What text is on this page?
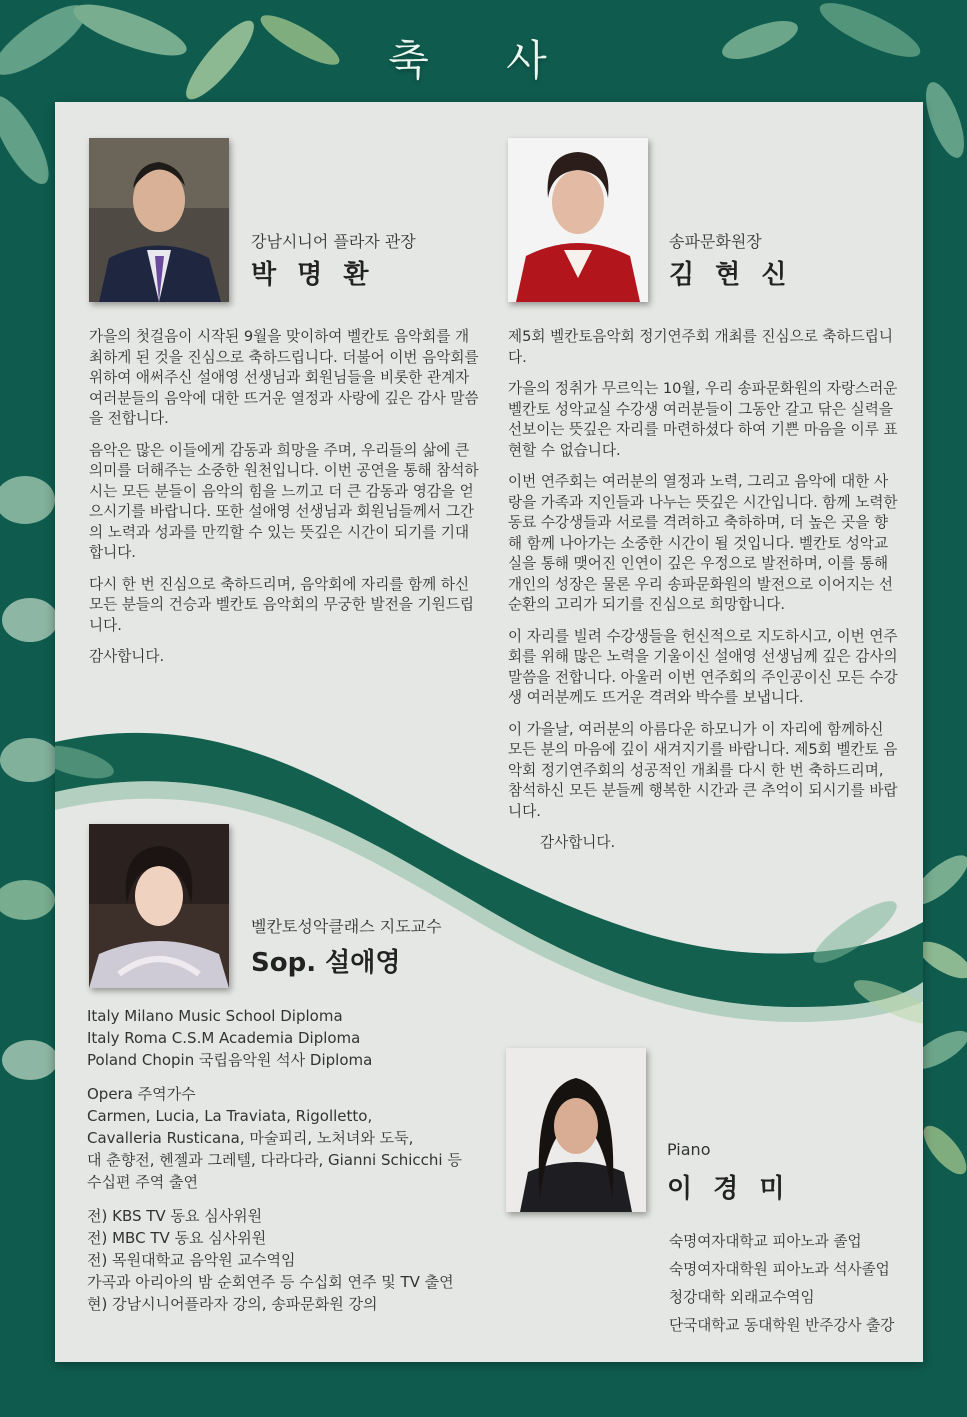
축 사
강남시니어 플라자 관장
박 명 환

가을의 첫걸음이 시작된 9월을 맞이하여 벨칸토 음악회를 개최하게 된 것을 진심으로 축하드립니다. 더불어 이번 음악회를 위하여 애써주신 설애영 선생님과 회원님들을 비롯한 관계자 여러분들의 음악에 대한 뜨거운 열정과 사랑에 깊은 감사 말씀을 전합니다.

음악은 많은 이들에게 감동과 희망을 주며, 우리들의 삶에 큰 의미를 더해주는 소중한 원천입니다. 이번 공연을 통해 참석하시는 모든 분들이 음악의 힘을 느끼고 더 큰 감동과 영감을 얻으시기를 바랍니다. 또한 설애영 선생님과 회원님들께서 그간의 노력과 성과를 만끽할 수 있는 뜻깊은 시간이 되기를 기대합니다.

다시 한 번 진심으로 축하드리며, 음악회에 자리를 함께 하신 모든 분들의 건승과 벨칸토 음악회의 무궁한 발전을 기원드립니다.

감사합니다.

송파문화원장
김 현 신

제5회 벨칸토음악회 정기연주회 개최를 진심으로 축하드립니다.

가을의 정취가 무르익는 10월, 우리 송파문화원의 자랑스러운 벨칸토 성악교실 수강생 여러분들이 그동안 갈고 닦은 실력을 선보이는 뜻깊은 자리를 마련하셨다 하여 기쁜 마음을 이루 표현할 수 없습니다.

이번 연주회는 여러분의 열정과 노력, 그리고 음악에 대한 사랑을 가족과 지인들과 나누는 뜻깊은 시간입니다. 함께 노력한 동료 수강생들과 서로를 격려하고 축하하며, 더 높은 곳을 향해 함께 나아가는 소중한 시간이 될 것입니다. 벨칸토 성악교실을 통해 맺어진 인연이 깊은 우정으로 발전하며, 이를 통해 개인의 성장은 물론 우리 송파문화원의 발전으로 이어지는 선순환의 고리가 되기를 진심으로 희망합니다.

이 자리를 빌려 수강생들을 헌신적으로 지도하시고, 이번 연주회를 위해 많은 노력을 기울이신 설애영 선생님께 깊은 감사의 말씀을 전합니다. 아울러 이번 연주회의 주인공이신 모든 수강생 여러분께도 뜨거운 격려와 박수를 보냅니다.

이 가을날, 여러분의 아름다운 하모니가 이 자리에 함께하신 모든 분의 마음에 깊이 새겨지기를 바랍니다. 제5회 벨칸토 음악회 정기연주회의 성공적인 개최를 다시 한 번 축하드리며, 참석하신 모든 분들께 행복한 시간과 큰 추억이 되시기를 바랍니다.

감사합니다.

벨칸토성악클래스 지도교수
Sop. 설애영
Italy Milano Music School Diploma
Italy Roma C.S.M Academia Diploma
Poland Chopin 국립음악원 석사 Diploma
Opera 주역가수
Carmen, Lucia, La Traviata, Rigolletto,
Cavalleria Rusticana, 마술피리, 노처녀와 도둑,
대 춘향전, 헨젤과 그레텔, 다라다라, Gianni Schicchi 등
수십편 주역 출연
전) KBS TV 동요 심사위원
전) MBC TV 동요 심사위원
전) 목원대학교 음악원 교수역임
가곡과 아리아의 밤 순회연주 등 수십회 연주 및 TV 출연
현) 강남시니어플라자 강의, 송파문화원 강의
Piano
이 경 미
숙명여자대학교 피아노과 졸업
숙명여자대학원 피아노과 석사졸업
청강대학 외래교수역임
단국대학교 동대학원 반주강사 출강
